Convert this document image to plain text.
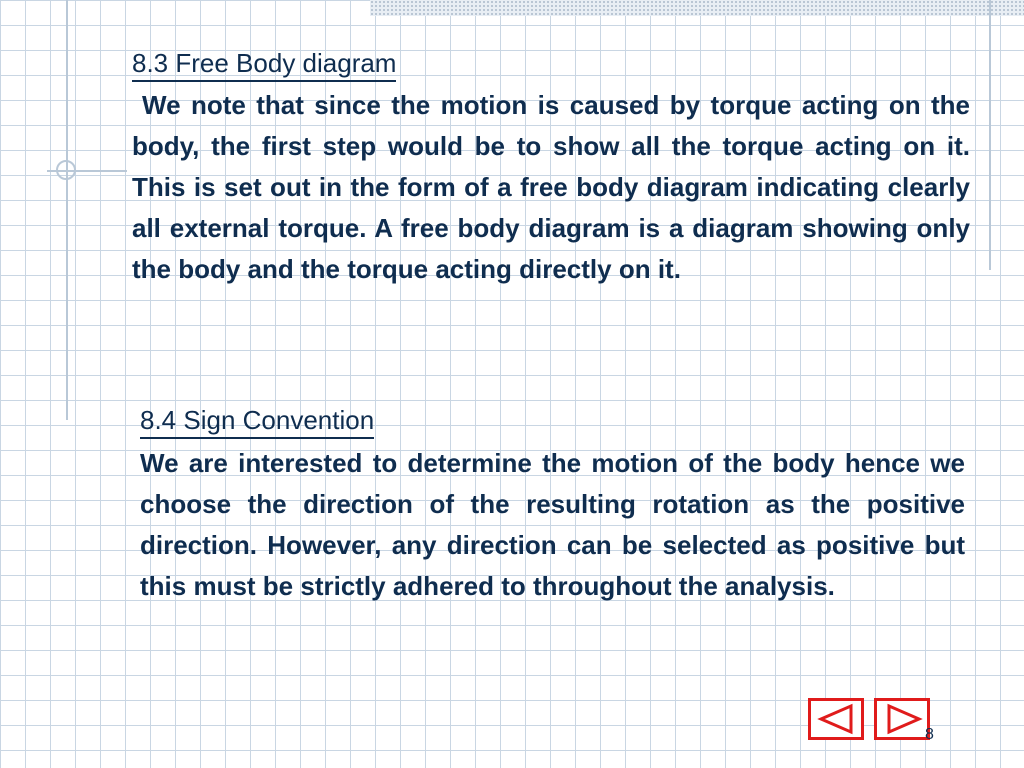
8.3 Free Body diagram
We note that since the motion is caused by torque acting on the body, the first step would be to show all the torque acting on it. This is set out in the form of a free body diagram indicating clearly all external torque. A free body diagram is a diagram showing only the body and the torque acting directly on it.
8.4 Sign Convention
We are interested to determine the motion of the body hence we choose the direction of the resulting rotation as the positive direction. However, any direction can be selected as positive but this must be strictly adhered to throughout the analysis.
8
